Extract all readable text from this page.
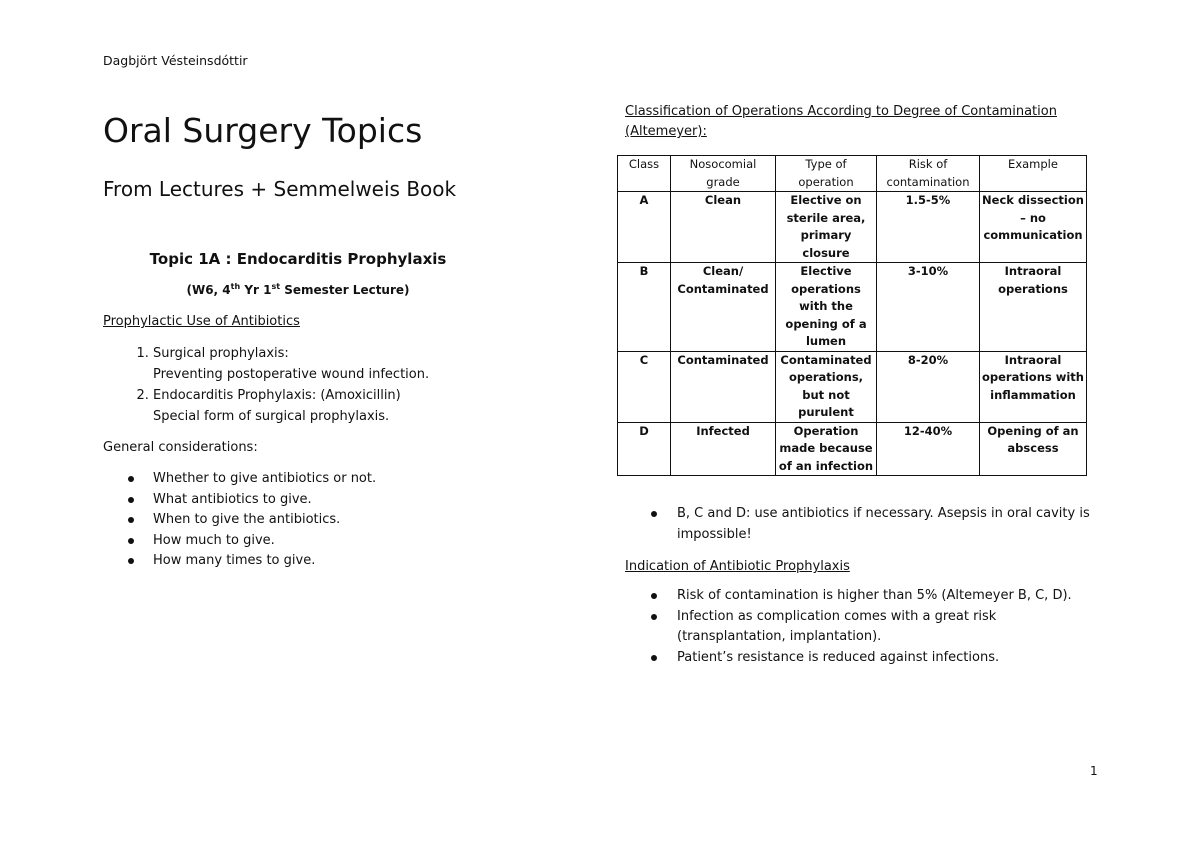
Dagbjört Vésteinsdóttir
Oral Surgery Topics
From Lectures + Semmelweis Book
Topic 1A : Endocarditis Prophylaxis
(W6, 4th Yr 1st Semester Lecture)
Prophylactic Use of Antibiotics
1. Surgical prophylaxis:
Preventing postoperative wound infection.
2. Endocarditis Prophylaxis: (Amoxicillin)
Special form of surgical prophylaxis.
General considerations:
Whether to give antibiotics or not.
What antibiotics to give.
When to give the antibiotics.
How much to give.
How many times to give.
Classification of Operations According to Degree of Contamination (Altemeyer):
Class	Nosocomial grade	Type of operation	Risk of contamination	Example
A	Clean	Elective on sterile area, primary closure	1.5-5%	Neck dissection – no communication
B	Clean/ Contaminated	Elective operations with the opening of a lumen	3-10%	Intraoral operations
C	Contaminated	Contaminated operations, but not purulent	8-20%	Intraoral operations with inflammation
D	Infected	Operation made because of an infection	12-40%	Opening of an abscess
B, C and D: use antibiotics if necessary. Asepsis in oral cavity is impossible!
Indication of Antibiotic Prophylaxis
Risk of contamination is higher than 5% (Altemeyer B, C, D).
Infection as complication comes with a great risk (transplantation, implantation).
Patient’s resistance is reduced against infections.
1
